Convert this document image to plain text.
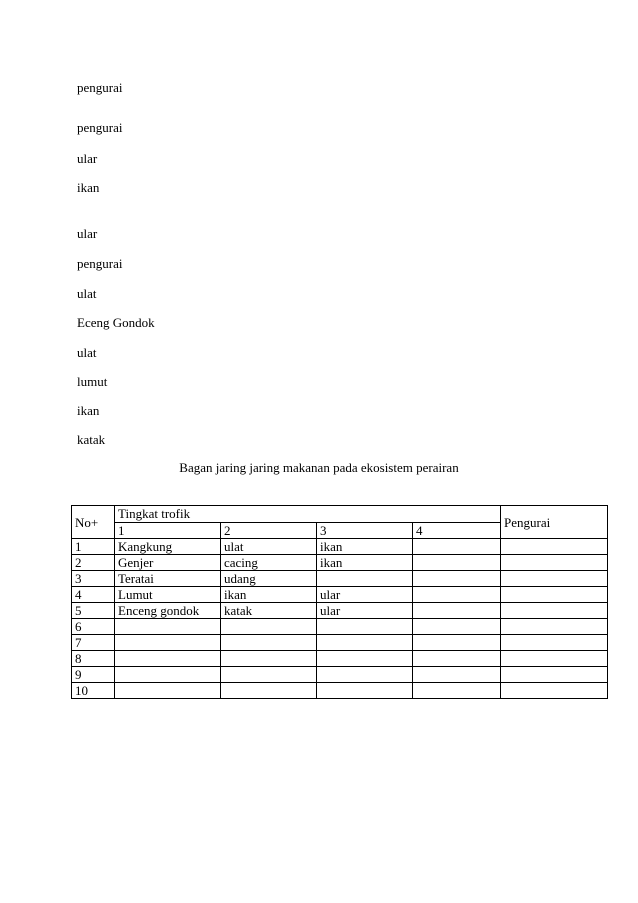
pengurai
pengurai
ular
ikan
ular
pengurai
ulat
Eceng Gondok
ulat
lumut
ikan
katak
Bagan jaring jaring makanan pada ekosistem perairan
No+	Tingkat trofik				Pengurai
	1	2	3	4	
1	Kangkung	ulat	ikan		
2	Genjer	cacing	ikan		
3	Teratai	udang			
4	Lumut	ikan	ular		
5	Enceng gondok	katak	ular		
6					
7					
8					
9					
10					
